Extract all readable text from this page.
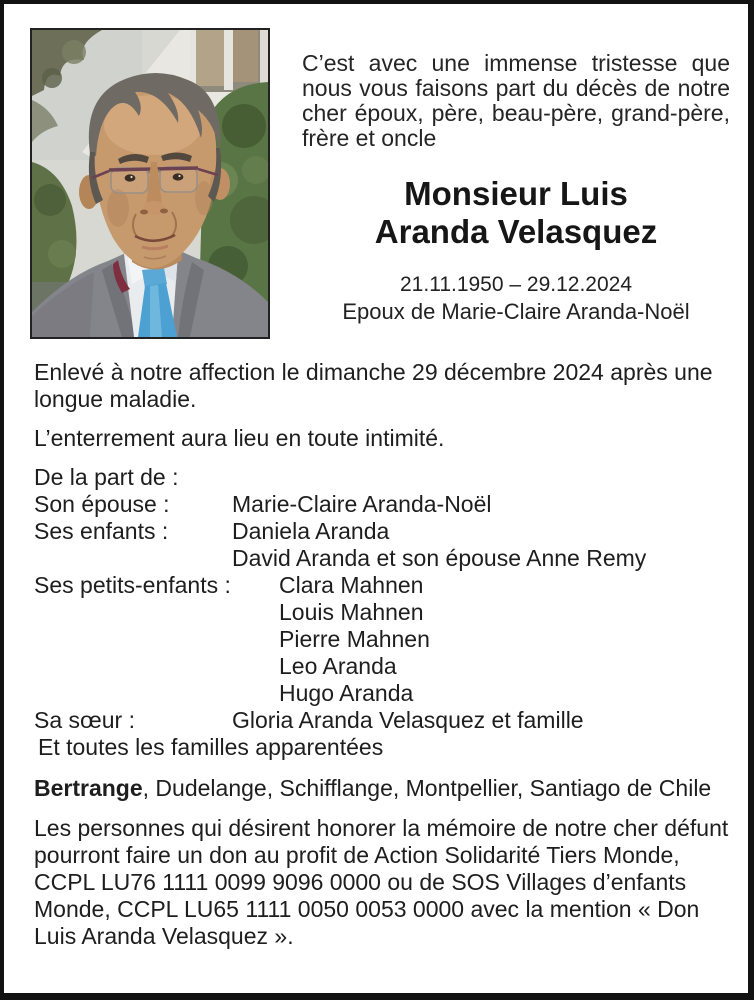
C’est avec une immense tristesse que nous vous faisons part du décès de notre cher époux, père, beau-père, grand-père, frère et oncle

Monsieur Luis
Aranda Velasquez
21.11.1950 – 29.12.2024
Epoux de Marie-Claire Aranda-Noël

Enlevé à notre affection le dimanche 29 décembre 2024 après une longue maladie.

L’enterrement aura lieu en toute intimité.

De la part de :

Son épouse :	Marie-Claire Aranda-Noël
Ses enfants :	Daniela Aranda
David Aranda et son épouse Anne Remy
Ses petits-enfants : Clara Mahnen
Louis Mahnen
Pierre Mahnen
Leo Aranda
Hugo Aranda
Sa sœur :	Gloria Aranda Velasquez et famille
Et toutes les familles apparentées

Bertrange, Dudelange, Schifflange, Montpellier, Santiago de Chile

Les personnes qui désirent honorer la mémoire de notre cher défunt pourront faire un don au profit de Action Solidarité Tiers Monde, CCPL LU76 1111 0099 9096 0000 ou de SOS Villages d’enfants Monde, CCPL LU65 1111 0050 0053 0000 avec la mention « Don Luis Aranda Velasquez ».
